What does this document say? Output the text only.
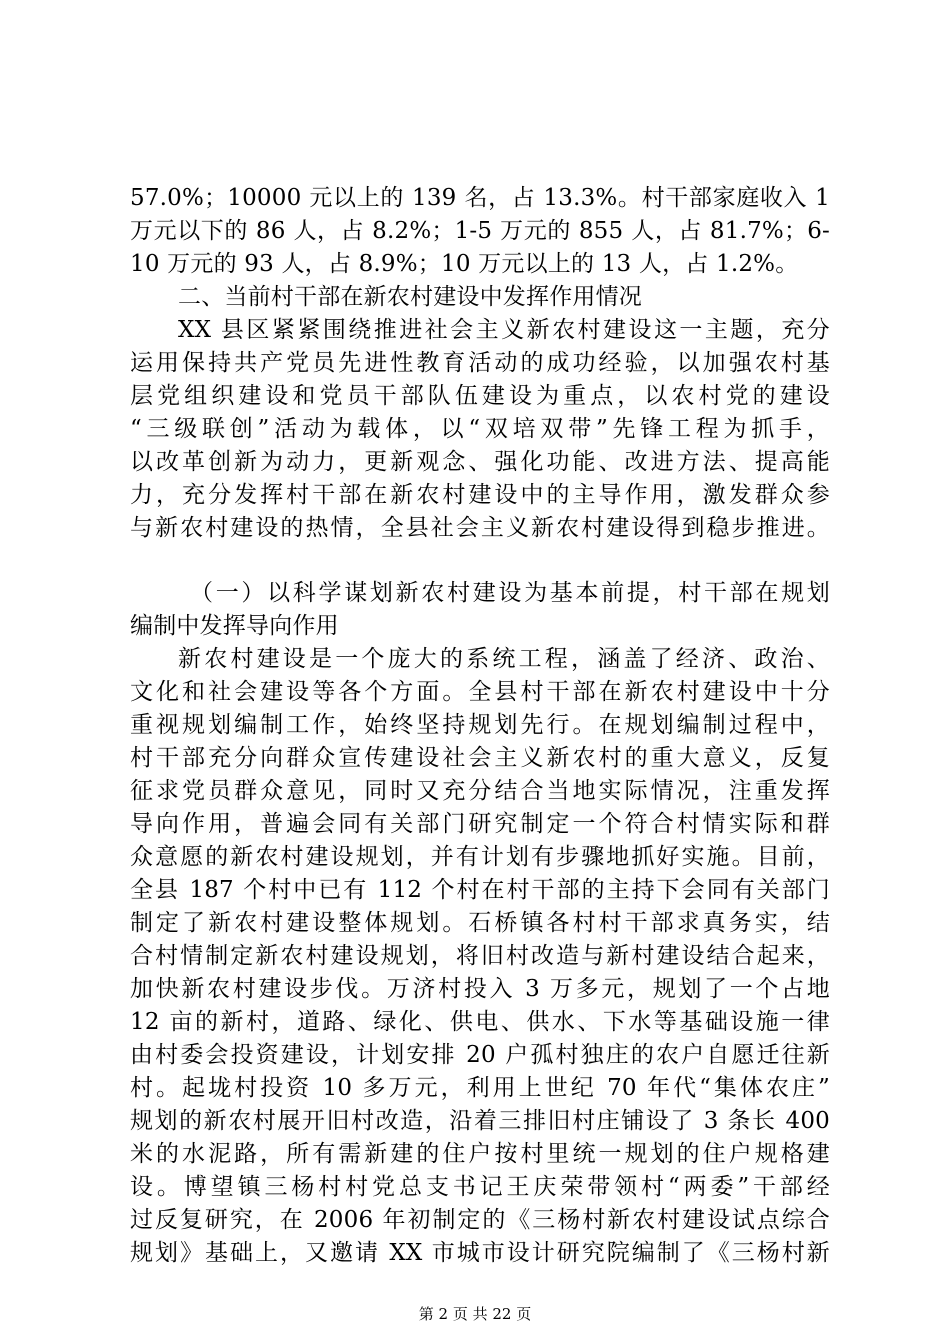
57.0%；10000 元以上的 139 名，占 13.3%。村干部家庭收入 1
万元以下的 86 人，占 8.2%；1-5 万元的 855 人，占 81.7%；6-
10 万元的 93 人，占 8.9%；10 万元以上的 13 人，占 1.2%。
二、当前村干部在新农村建设中发挥作用情况
XX 县区紧紧围绕推进社会主义新农村建设这一主题，充分
运用保持共产党员先进性教育活动的成功经验，以加强农村基
层党组织建设和党员干部队伍建设为重点，以农村党的建设
“三级联创”活动为载体，以“双培双带”先锋工程为抓手，
以改革创新为动力，更新观念、强化功能、改进方法、提高能
力，充分发挥村干部在新农村建设中的主导作用，激发群众参
与新农村建设的热情，全县社会主义新农村建设得到稳步推进。
（一）以科学谋划新农村建设为基本前提，村干部在规划
编制中发挥导向作用
新农村建设是一个庞大的系统工程，涵盖了经济、政治、
文化和社会建设等各个方面。全县村干部在新农村建设中十分
重视规划编制工作，始终坚持规划先行。在规划编制过程中，
村干部充分向群众宣传建设社会主义新农村的重大意义，反复
征求党员群众意见，同时又充分结合当地实际情况，注重发挥
导向作用，普遍会同有关部门研究制定一个符合村情实际和群
众意愿的新农村建设规划，并有计划有步骤地抓好实施。目前，
全县 187 个村中已有 112 个村在村干部的主持下会同有关部门
制定了新农村建设整体规划。石桥镇各村村干部求真务实，结
合村情制定新农村建设规划，将旧村改造与新村建设结合起来，
加快新农村建设步伐。万济村投入 3 万多元，规划了一个占地
12 亩的新村，道路、绿化、供电、供水、下水等基础设施一律
由村委会投资建设，计划安排 20 户孤村独庄的农户自愿迁往新
村。起垅村投资 10 多万元，利用上世纪 70 年代“集体农庄”
规划的新农村展开旧村改造，沿着三排旧村庄铺设了 3 条长 400
米的水泥路，所有需新建的住户按村里统一规划的住户规格建
设。博望镇三杨村村党总支书记王庆荣带领村“两委”干部经
过反复研究，在 2006 年初制定的《三杨村新农村建设试点综合
规划》基础上，又邀请 XX 市城市设计研究院编制了《三杨村新
第 2 页 共 22 页
